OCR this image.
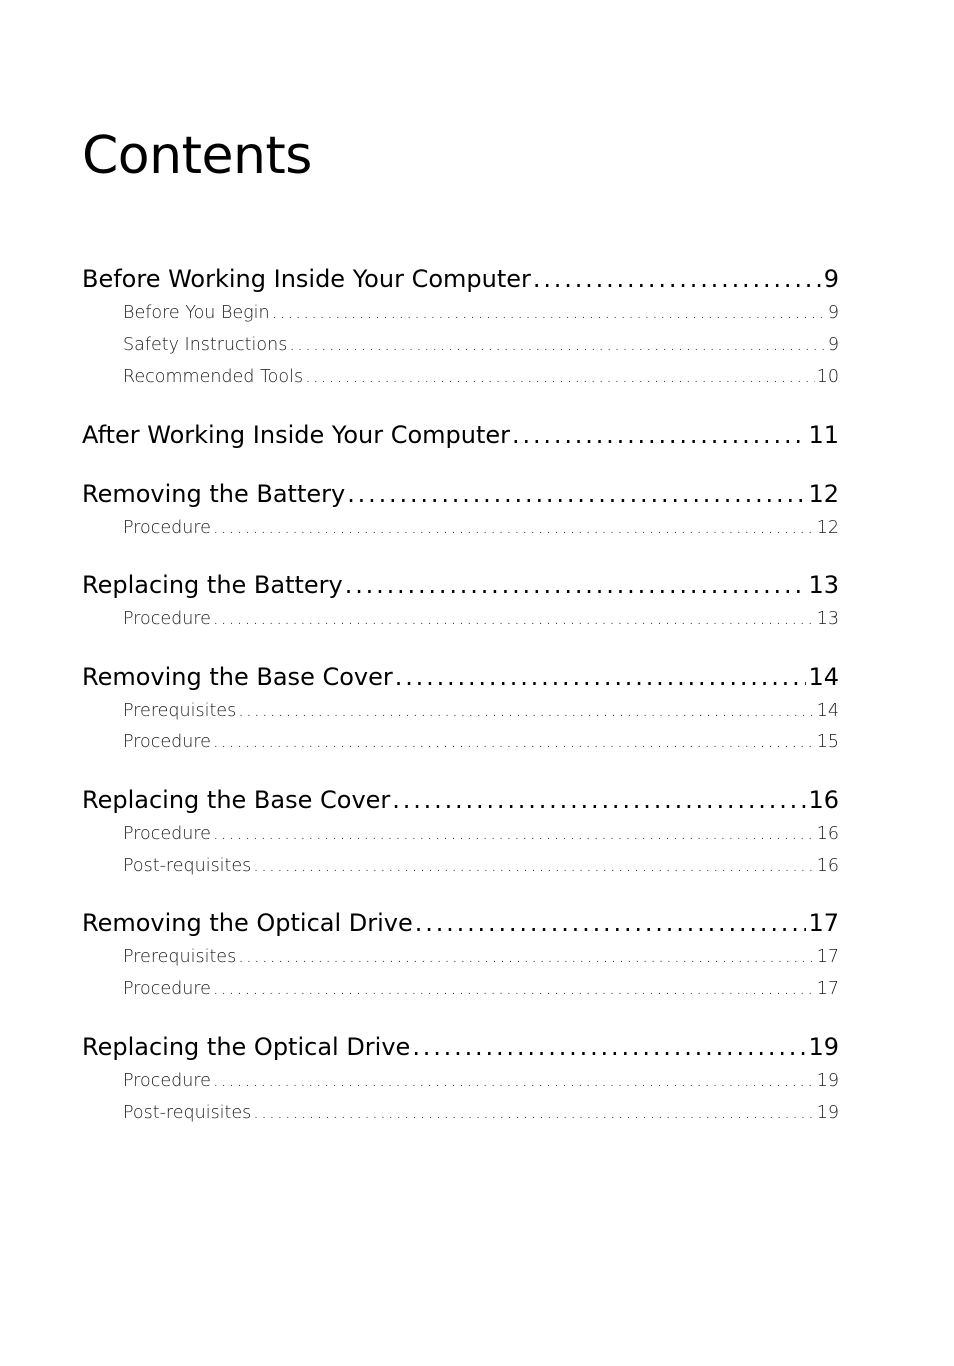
Contents
Before Working Inside Your Computer . . .	9
Before You Begin . . .	9
Safety Instructions . . .	9
Recommended Tools . . .	10
After Working Inside Your Computer . . .	11
Removing the Battery . . .	12
Procedure . . .	12
Replacing the Battery . . .	13
Procedure . . .	13
Removing the Base Cover . . .	14
Prerequisites . . .	14
Procedure . . .	15
Replacing the Base Cover . . .	16
Procedure . . .	16
Post-requisites . . .	16
Removing the Optical Drive . . .	17
Prerequisites . . .	17
Procedure . . .	17
Replacing the Optical Drive . . .	19
Procedure . . .	19
Post-requisites . . .	19
